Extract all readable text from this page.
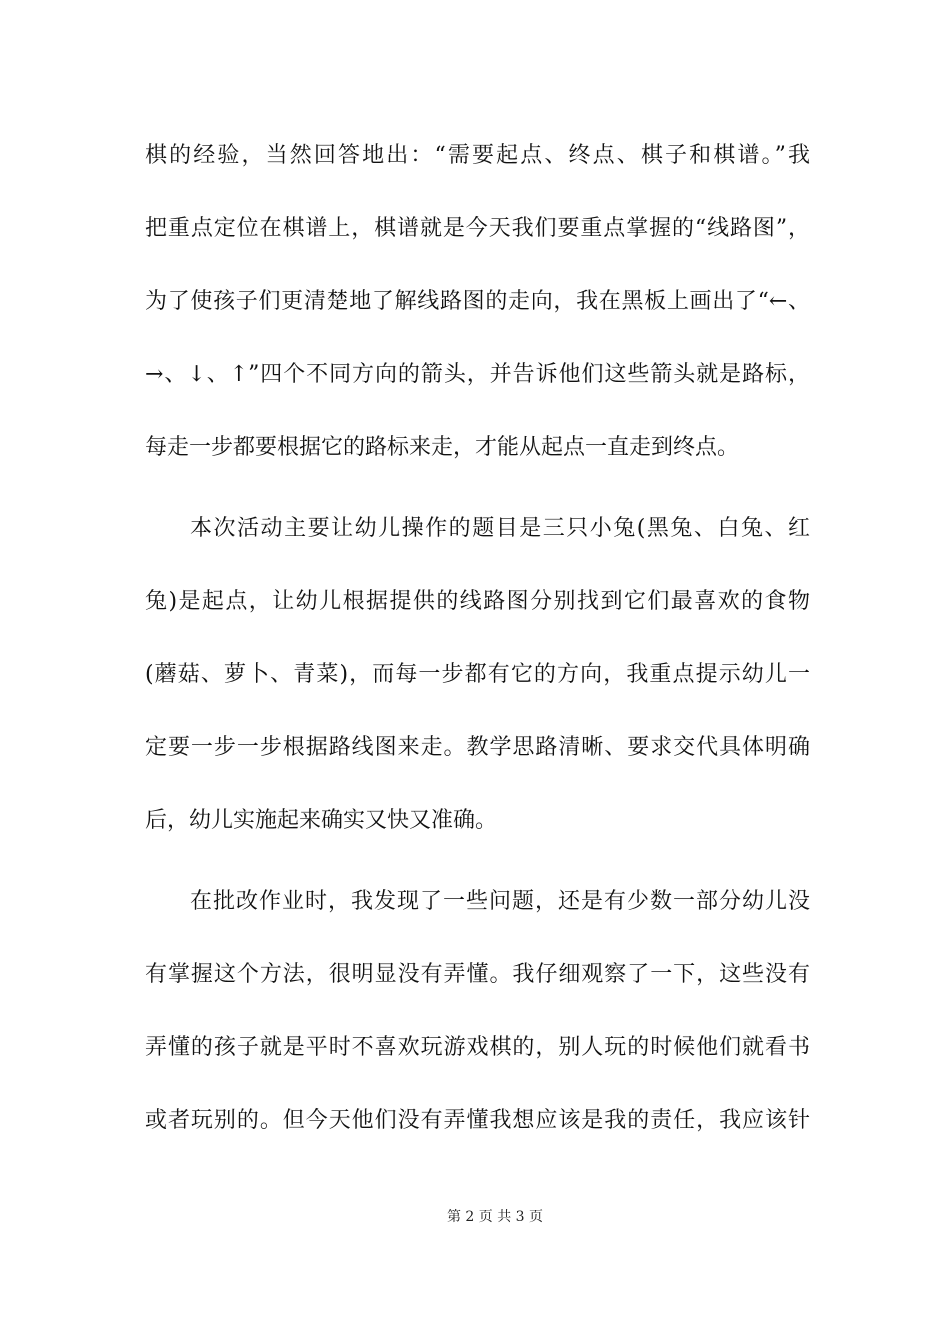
棋的经验，当然回答地出：“需要起点、终点、棋子和棋谱。”我
把重点定位在棋谱上，棋谱就是今天我们要重点掌握的“线路图”，
为了使孩子们更清楚地了解线路图的走向，我在黑板上画出了“←、
→、↓、↑”四个不同方向的箭头，并告诉他们这些箭头就是路标，
每走一步都要根据它的路标来走，才能从起点一直走到终点。
本次活动主要让幼儿操作的题目是三只小兔(黑兔、白兔、红
兔)是起点，让幼儿根据提供的线路图分别找到它们最喜欢的食物
(蘑菇、萝卜、青菜)，而每一步都有它的方向，我重点提示幼儿一
定要一步一步根据路线图来走。教学思路清晰、要求交代具体明确
后，幼儿实施起来确实又快又准确。
在批改作业时，我发现了一些问题，还是有少数一部分幼儿没
有掌握这个方法，很明显没有弄懂。我仔细观察了一下，这些没有
弄懂的孩子就是平时不喜欢玩游戏棋的，别人玩的时候他们就看书
或者玩别的。但今天他们没有弄懂我想应该是我的责任，我应该针
第 2 页 共 3 页
